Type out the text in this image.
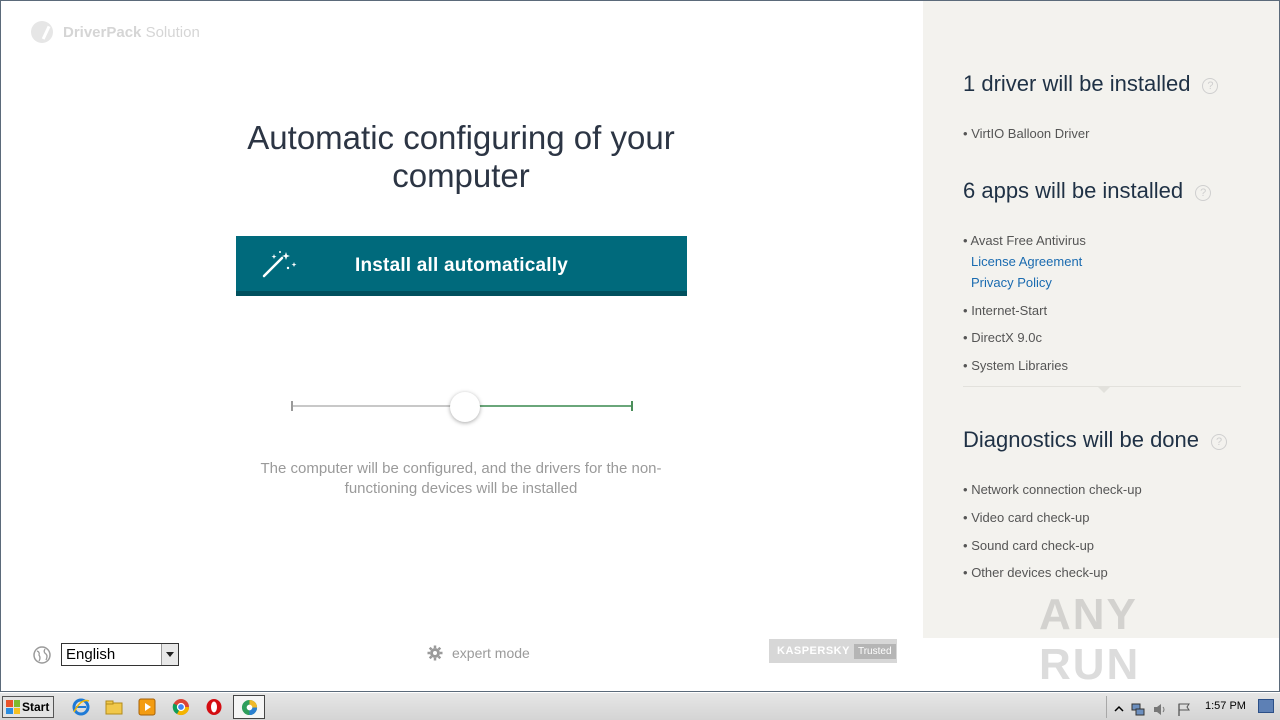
DriverPack Solution
Automatic configuring of your computer
Install all automatically
The computer will be configured, and the drivers for the non-functioning devices will be installed
English	expert mode	KASPERSKY Trusted
1 driver will be installed	?
• VirtIO Balloon Driver
6 apps will be installed	?
• Avast Free Antivirus
License Agreement
Privacy Policy
• Internet-Start
• DirectX 9.0c
• System Libraries
Diagnostics will be done	?
• Network connection check-up
• Video card check-up
• Sound card check-up
• Other devices check-up
ANY RUN
Start	1:57 PM
